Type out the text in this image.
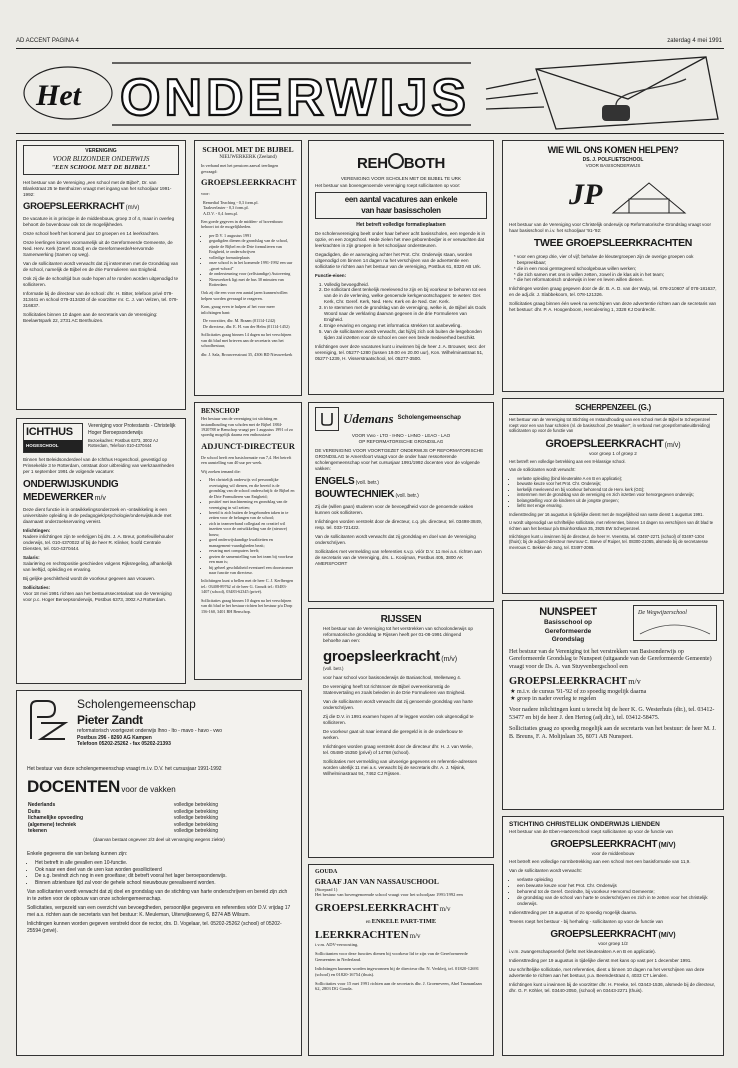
AD ACCENT PAGINA 4	zaterdag 4 mei 1991
Het ONDERWIJS
VERENIGING
VOOR BIJZONDER ONDERWIJS
"EEN SCHOOL MET DE BIJBEL"

Het bestuur van de Vereniging „een school met de Bijbel", Dr. van Blankstraat 25 te Benthuizen vraagt met ingang van het schooljaar 1991-1992:

GROEPSLEERKRACHT (m/v)

De vacature is in principe in de middenbouw, groep 3 of 4, maar in overleg behoort de bovenbouw ook tot de mogelijkheden.

Onze school heeft het komend jaar 10 groepen en 14 leerkrachten.

Onze leerlingen komen voornamelijk uit de Gereformeerde Gemeente, de Ned. Herv. Kerk (Geref. Bond) en de Gereformeerde/Hervormde Samenwerking (Samen op weg).

Van de sollicitanten wordt verwacht dat zij instemmen met de Grondslag van de school, namelijk de Bijbel en de drie Formulieren van Enigheid.

Ook zij die de schooltijd bun oude hopen af te ronden worden uitgenodigd te solliciteren.

Informatie bij de directeur van de school: dhr. H. Bitter, telefoon privé 079-313441 en school 079-313430 of de voorzitter mr. C. J. van Velzen, tel. 079-316837.

Sollicitaties binnen 10 dagen aan de secretaris van de Vereniging: Beelaertspark 22, 2731 AC Benthuizen.

SCHOOL MET DE BIJBEL
NIEUWERKERK (Zeeland)

In verband met het pensioen aanval teerlingen gevraagd:

GROEPSLEERKRACHT

voor:

Remedial Teaching - 0,3 form.pl.
Taakverlaster - 0,3 form.pl.
A.D.V. - 0,4 form.pl.

Een goede gegeven in de midden- of bovenbouw behoort tot de mogelijkheden.

• per D.V. 1 augustus 1991
• gegadigden dienen de grondslag van de school, zijnde de Bijbel en de Drie formulieren van Enigheid, te onderschrijven
• volledige formatieplaats
• onze school is in het komende 1991-1992 een uur „groei-school"
• de ondersteuning voor (zelfstandige) Autovering
• Nieuwerkerk ligt met de bus 30 minuten van Rotterdam

Ook zij die een voor een aantal jaren kunnen/willen helpen worden gevraagd te reageren.

Kom, graag even te hulpen af het voor meer inlichtingen bant:

De voorzitter, dhr. M. Braam (01114-1242)
De directeur, dhr. E. H. van der Helm (01114-1452)

Sollicitaties graag binnen 14 dagen na het verschijnen van dit blad met brieven aan de secretaris van het schoolbestuur,

dhr. J. Sala, Brouwersstraat 35, 4306 BD Nieuwerkerk

REH BOTH
VERENIGING VOOR SCHOLEN MET DE BIJBEL TE URK

Het bestuur van bovengenoemde vereniging roept sollicitanten op voor:

een aantal vacatures aan enkele
van haar basisscholen
Het betreft volledige formatieplaatsen

De scholenvereniging beelt onder haar beheer acht basisscholen, een regende is in opzie, en een zorgschool. Hede zielen het mee geborenbedjer is er verwachten dat leerkrachten in zijn groepen in het schooljaar ondersteunen.

Gegadigden, die er aanvraging achter het Prot. Chr. Onderwijs staan, worden uitgenodigd om binnen 14 dagen na het verschijnen van de advertentie een sollicitatie te richten aan het bestuur van de vereniging, Postbus 61, 8320 AB Urk.

Functie-eisen:

1. Volledig bevoegdheid.
2. De sollicitant dient tenkelijk meelevend te zijn en bij voorkeur te behoren tot een van de in de verlening, welke genoemde kerkgenootschappen: te weten: Ger. Kerk, Chr. Geref. Kerk, Ned. Herv. Kerk en de Ned. Ger. Kerk.
3. In te stemmen met de grondslag van de vereniging, welke is, de Bijbel als Gods Woord naar de verklaring daarvan gegeven in de drie Formulieren van Enigheid.
4. Enige ervaring en ongang met informatica strekken tot aanbeveling.
5. Van de sollicitanten wordt verwacht, dat hij/zij zich ook buiten de lesgebonden tijden zal inzetten voor de school en over een brede medeverhed beschikt.

Inlichtingen over deze vacatures kunt u inwinnen bij de heer J. A. Brouwer, secr. der vereniging, tel. 05277-1280 (tussen 19.00 en 20.00 uur), Kon. Wilhelminastraat 51, 05277-1239, H. Visserstraatschool, tel. 05277-3500.

WIE WIL ONS KOMEN HELPEN?
DS. J. POLFLIETSCHOOL
VOOR BASISONDERWIJS
JP

Het bestuur van de Vereniging voor Christelijk onderwijs op Reformatorische Grondslag vraagt voor haar basisschool m.i.v. het schooljaar '91-'92:

TWEE GROEPSLEERKRACHTEN
* voor een groep drie, vier of vijf; behalve de kleutergroepen zijn de overige groepen ook bespreekbaar;
* die in een mooi geïntegreerd schoolgebouw willen werken;
* die zich samen met ons in willen zetten, zowel in de klas als in het team;
* die het reformatorisch onderwijs in leer en leven willen dienen.

Inlichtingen worden graag gegeven door de dir. B. A. D. van der Wulp, tel. 078-210607 of 078-181637, en de adj.dir. J. Slabbekoorn, tel. 078-121326.

Sollicitaties graag binnen één week na verschijnen van deze advertentie richten aan de secretaris van het bestuur: dhr. P. A. Hoogenboom, Herculesring 1, 3328 KJ Dordrecht.

ICHTHUS
HOGESCHOOL
Vereniging voor Protestants - Christelijk Hoger Beroepsonderwijs
Bezoekadres: Postbus 6373, 3002 AJ Rotterdam, Telefoon 010-4370444

Binnen het Beleidsonderdeel van de Ichthus Hogeschool, gevestigd op Prinsekelde 3 te Rotterdam, ontstaat door uitbreiding van werkzaamheden per 1 september 1991 de volgende vacature:

ONDERWIJSKUNDIG
MEDEWERKER m/v

Deze dient functie is in ontwikkelingsonderzoek en -ontwikkeling is een universitaire opleiding in de pedagogiek/psychologie/onderwijskunde met daarnaast onderzoekservaring vereist.

Inlichtingen:

Nadere inlichtingen zijn te verkrijgen bij drs. J. A. Breur, portefeuillehouder onderwijs, tel. 010-4370022 of bij de heer R. Klinker, hoofd Centrale Diensten, tel. 010-4370444.

Salaris:

Salariëring en rechtspositie geschieden volgens Rijksregeling, afhankelijk van leeftijd, opleiding en ervaring.

Bij gelijke geschiktheid wordt de voorkeur gegeven aan vrouwen.

Sollicitaties:

Voor 18 mei 1991 richten aan het bestuurssecretariaat van de Vereniging voor p.c. Hoger Beroepsonderwijs, Postbus 6373, 3002 AJ Rotterdam.

BENSCHOP

Het bestuur van de vereniging tot stichting en instandhouding van scholen met de Bijbel 1884-1920788 te Benschop vraagt per 1 augustus 1991 of zo spoedig mogelijk daarna een enthousiaste

ADJUNCT-DIRECTEUR

De school heeft een basisformatie van 7,4. Het betreft een aanstelling van 40 uur per week.

Wij zoeken iemand die:

• Het christelijk onderwijs vol persoonlijke overtuiging wil dienen, en die bereid is de grondslag van de school onderschrijft: de Bijbel en de Drie Formulieren van Enigheid;
• positief met inachtneming en grondslag van de vereniging in wil zetten;
• bereid is zich buiten de lesgebonden taken in te zetten voor de belangen van de school;
• zich in teamverband collegiaal en creatief wil inzetten voor de ontwikkeling van de (nieuwe) bouw;
• goed onderwijskundige kwaliteiten en management-vaardigheden bezit;
• ervaring met computers heeft;
• gezien de samenstelling van het team bij voorkeur een man is;
• bij geheel geschiktheid eventueel een doorstromer naar functie van directeur.

Inlichtingen kunt u bellen met de heer C. J. Kerlbergen tel.: 03408-89762 of de heer G. Groudt tel.: 03483-1407 (school), 03483-62345 (privé).

Sollicitaties graag binnen 10 dagen na het verschijnen van dit blad te het bestuur richten het bestuur p/a Dorp 156-160, 3401 BH Benschop.

Udemans Scholengemeenschap
VOOR Vwo - LTO - IHNO - LHNO - LEAO - LAO
OP REFORMATORISCHE GRONDSLAG

DE VERENIGING VOOR VOORTGEZET ONDERWIJS OP REFORMATORISCHE GRONDSLAG te Amersfoort vraagt voor de onder haar ressorterende scholengemeenschap voor het cursusjaar 1991/1992 docenten voor de volgende vakken:

ENGELS (voll. betr.)
BOUWTECHNIEK (voll. betr.)

Zij die (willen gaan) studeren voor de bevoegdheid voor de genoemde vakken kunnen ook solliciteren.

Inlichtingen worden verstrekt door de directeur, c.q. plv. directeur, tel. 03498-3849, resp. tel. 033-721422.

Van de sollicitanten wordt verwacht dat zij grondslag en doel van de Vereniging onderschrijven.

Sollicitaties met vermelding van referenties s.v.p. vóór D.V. 11 mei a.s. richten aan de secretaris van de Vereniging, drs. L. Kooijman, Postbus 405, 3800 AK AMERSFOORT

SCHERPENZEEL (G.)

Het bestuur van de Vereniging tot Stichting en Instandhouding van een school met de Bijbel te Scherpenzeel roept voor een van haar scholen (nl. de basisschool „De Maaiker", in verband met groepsformatieuitbreiding) sollicitanten op voor de functie van

GROEPSLEERKRACHT (m/v)
voor groep 1 of groep 2

Het betreft een volledige betrekking aan een 8-klassige school.

Van de sollicitanten wordt verwacht:

• verlaste opleiding (bind kleuterakte A en B en applicatie);
• bewuste keuze voor het Prot. Chr. Onderwijs;
• kerkelijk meelevend en bij voorkeur behorend tot de Herv. kerk (GG);
• instemmen met de grondslag van de vereniging en zich inzetten voor hervorgegeven onderwijs;
• belangstelling voor de kinderen uit de jongste groepen;
• liefst met enige ervaring.

Indiensttreding per 16 augustus in tijdelijke dienst met de mogelijkheid van vaste dienst 1 augustus 1991.

U wordt uitgenodigd uw schriftelijke sollicitatie, met referenties, binnen 14 dagen na verschijnen van dit blad te richten aan het bestuur p/a Bruinhorstlaan 35, 3925 EW Scherpenzeel.

Inlichtingen kunt u inwinnen bij de directeur, de heer H. Veenstra, tel. 03497-2271 (school) of 03497-1304 (thuis); bij de adjunct-directeur mevrouw C. Boeve of Ruiper, tel. 08300-21065, alsmede bij de secretaresse mevrouw C. Bekker-de Jong, tel. 03497-2086.

Scholengemeenschap
Pieter Zandt
reformatorisch voortgezet onderwijs lhno - lto - mavo - havo - vwo
Postbus 296 - 8260 AG Kampen
Telefoon 05202-25262 - fax 05202-21393

Het bestuur van deze scholengemeenschap vraagt m.i.v. D.V. het cursusjaar 1991-1992

DOCENTEN voor de vakken
Nederlands	volledige betrekking
Duits	volledige betrekking
lichamelijke opvoeding	volledige betrekking
(algemene) techniek	volledige betrekking
tekenen	volledige betrekking
(daarvan bestaat ongeveer 2/3 deel uit vervanging wegens ziekte)

Enkele gegevens die van belang kunnen zijn:

• Het betreft in alle gevallen een 10-functie.
• Ook naar een deel van de uren kan worden gesolliciteerd
• De s.g. bevindt zich nog in een groeifase; dit betreft vooral het lager beroepsonderwijs.
• Binnen afzienbare tijd zal voor de gehele school nieuwbouw gerealiseerd worden.

Van sollicitanten wordt verwacht dat zij doel en grondslag van de stichting van harte onderschrijven en bereid zijn zich in te zetten voor de opbouw van onze scholengemeenschap.

Sollicitaties, vergezeld van een overzicht van bevoegdheden, persoonlijke gegevens en referenties vóór D.V. vrijdag 17 mei a.s. richten aan de secretaris van het bestuur: K. Meuleman, Uiterwijkseweg 6, 8274 AB Wilsum.

Inlichtingen kunnen worden gegeven verstrekt door de rector, drs. D. Vogelaar, tel. 05202-25262 (school) of 05202-25594 (privé).

RIJSSEN

Het bestuur van de Vereniging tot het verstrekken van schoolonderwijs op reformatorische grondslag te Rijssen heeft per 01-08-1991 dringend behoefte aan een:

groepsleerkracht (m/v)

(voll. betr.)

voor haar school voor basisonderwijs de Baniaschool, Wellesweg 4.

De vereniging heeft tot richtsnoer de Bijbel overeenkomstig de Statenvertaling en zoals beleden in de Drie Formulieren van Enigheid.

Van de sollicitanten wordt verwacht dat zij genoemde grondslag van harte onderschrijven.

Zij die D.V. in 1991 examen hopen af te leggen worden ook uitgenodigd te solliciteren.

De voorkeur gaat uit naar iemand die geregeld is in de onderbouw te werken.

Inlichtingen worden graag verstrekt door de directeur dhr. H. J. van Welie, tel. 05480-15350 (privé) of 14768 (school).

Sollicitaties met vermelding van uitvoerige gegevens en referentie-adressen worden uiterlijk 11 mei a.s. verwacht bij de secretaris dhr. A. J. Nijsink, Wilhelminastraat 94, 7462 CJ Rijssen.

NUNSPEET
Basisschool op
Gereformeerde
Grondslag
De Wegwijzerschool

Het bestuur van de Vereniging tot het verstrekken van Basisonderwijs op Gereformeerde Grondslag te Nunspeet (uitgaande van de Gereformeerde Gemeente) vraagt voor de Ds. A. van Stuyvenbergschool een

GROEPSLEERKRACHT m/v
★ m.i.v. de cursus '91-'92 of zo spoedig mogelijk daarna
★ groep in nader overleg te regelen

Voor nadere inlichtingen kunt u terecht bij de heer K. G. Westerhuis (dir.), tel. 03412-53477 en bij de heer J. den Hertog (adj.dir.), tel. 03412-58475.

Sollicitaties graag zo spoedig mogelijk aan de secretaris van het bestuur: de heer M. J. B. Breuns, F. A. Molijnlaan 35, 8071 AB Nunspeet.

GOUDA
GRAAF JAN VAN NASSAUSCHOOL
(Stoeprad 1)

Het bestuur van bovengenoemde school vraagt voor het schooljaar 1991/1992 een

GROEPSLEERKRACHT m/v
en ENKELE PART-TIME
LEERKRACHTEN m/v

i.v.m. ADV-verroosting.

Sollicitanten voor deze functies dienen bij voorkeur lid te zijn van de Gereformeerde Gemeenten in Nederland.

Inlichtingen kunnen worden ingewonnen bij de directeur dhr. N. Verkleij, tel. 01820-12691 (school) en 01820-16754 (thuis).

Sollicitaties voor 15 mei 1991 richten aan de secretaris dhr. J. Groeneveen, Abel Tasmanlaan 62, 2803 DG Gouda.

STICHTING CHRISTELIJK ONDERWIJS LIENDEN

Het bestuur van de Eben-Haëzerschool roept sollicitanten op voor de functie van

GROEPSLEERKRACHT (M/V)
voor de middenbouw

Het betreft een volledige normbetrekking aan een school met een basisformatie van 11,9.

Van de sollicitanten wordt verwacht:

• verlaste opleiding
• een bewuste keuze voor het Prot. Chr. Onderwijs
• behorend tot de Geref. Gezindte, bij voorkeur Hervormd Gemeente;
• de grondslag van de school van harte te onderschrijven en zich in te zetten voor het christelijk onderwijs.

Indiensttreding per 19 augustus of zo spoedig mogelijk daarna.

Tevens roept het bestuur - bij herhaling - sollicitanten op voor de functie van

GROEPSLEERKRACHT (M/V)
voor groep 1/2

i.v.m. zwangerschapsverlof (liefst met kleuterakten A en B en applicatie).

Indiensttreding per 19 augustus in tijdelijke dienst met kans op vast per 1 december 1991.

Uw schriftelijke sollicitatie, met referenties, dient u binnen 10 dagen na het verschijnen van deze advertentie te richten aan het bestuur, p.a. Beemdestraat 4, 4033 CT Lienden.

Inlichtingen kunt u inwinnen bij de voorzitter dhr. H. Freeke, tel. 03443-1536, alsmede bij de directeur, dhr. G. F. Köhler, tel. 03440-2050, (school) en 03443-2271 (thuis).
